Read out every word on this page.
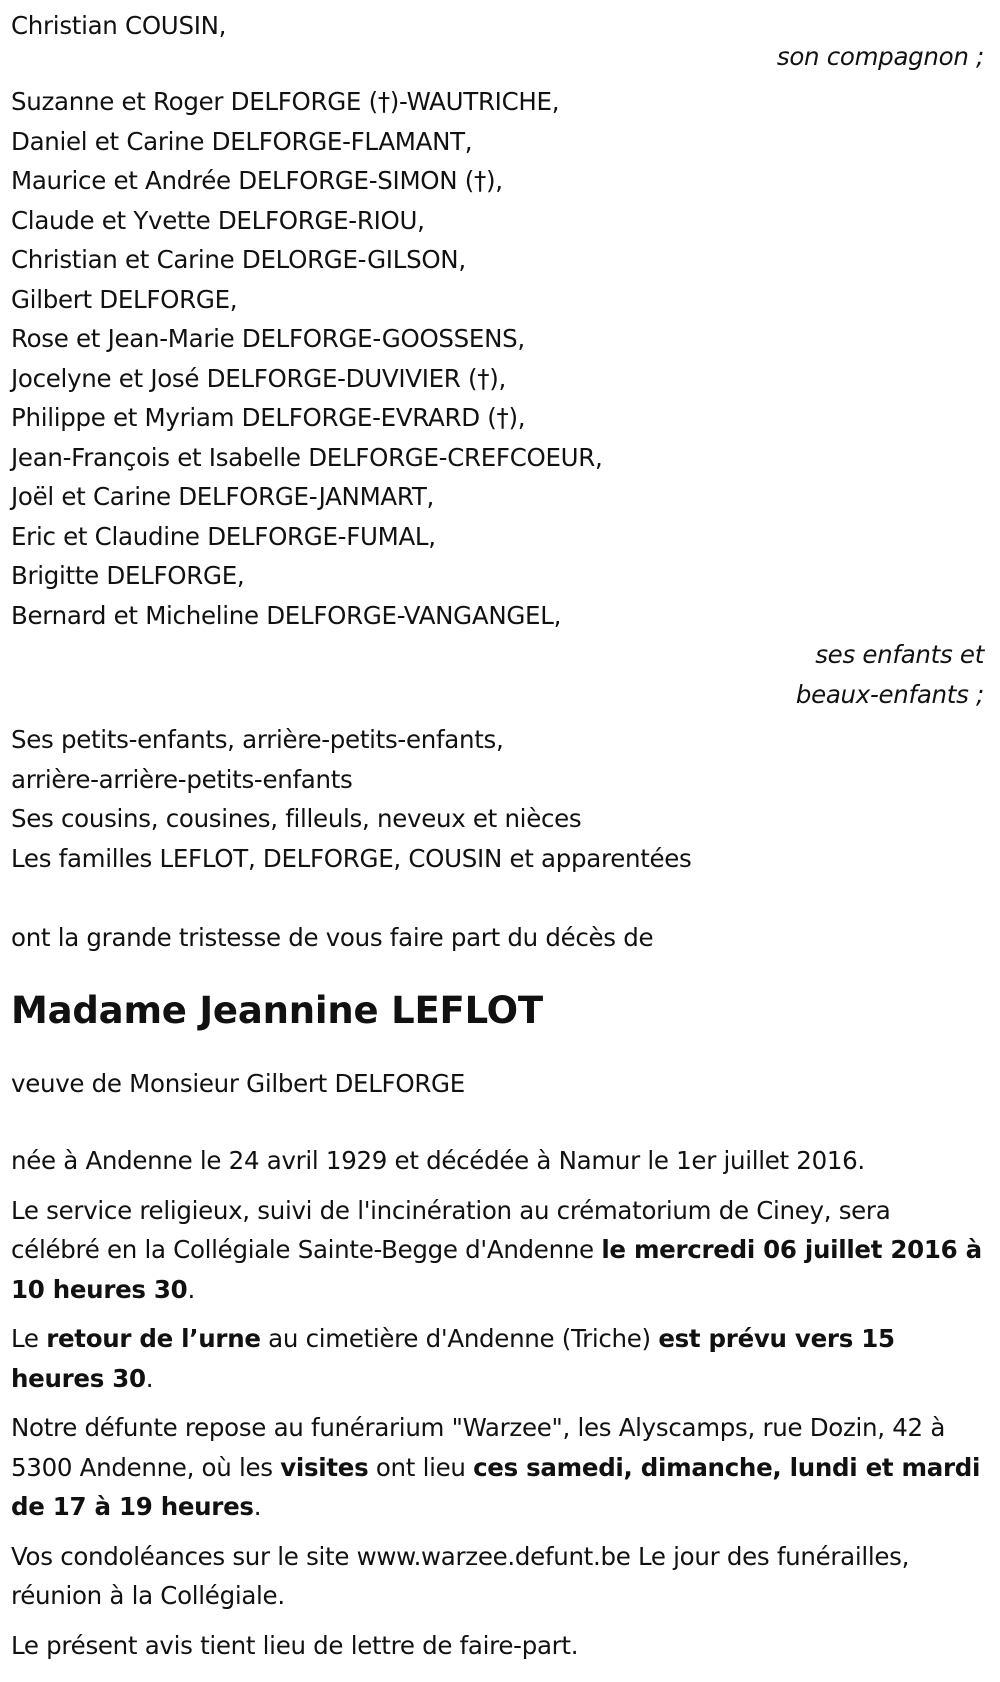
Christian COUSIN,
son compagnon ;
Suzanne et Roger DELFORGE (†)-WAUTRICHE,
Daniel et Carine DELFORGE-FLAMANT,
Maurice et Andrée DELFORGE-SIMON (†),
Claude et Yvette DELFORGE-RIOU,
Christian et Carine DELORGE-GILSON,
Gilbert DELFORGE,
Rose et Jean-Marie DELFORGE-GOOSSENS,
Jocelyne et José DELFORGE-DUVIVIER (†),
Philippe et Myriam DELFORGE-EVRARD (†),
Jean-François et Isabelle DELFORGE-CREFCOEUR,
Joël et Carine DELFORGE-JANMART,
Eric et Claudine DELFORGE-FUMAL,
Brigitte DELFORGE,
Bernard et Micheline DELFORGE-VANGANGEL,
ses enfants et
beaux-enfants ;
Ses petits-enfants, arrière-petits-enfants,
arrière-arrière-petits-enfants
Ses cousins, cousines, filleuls, neveux et nièces
Les familles LEFLOT, DELFORGE, COUSIN et apparentées
ont la grande tristesse de vous faire part du décès de
Madame Jeannine LEFLOT
veuve de Monsieur Gilbert DELFORGE
née à Andenne le 24 avril 1929 et décédée à Namur le 1er juillet 2016.
Le service religieux, suivi de l'incinération au crématorium de Ciney, sera célébré en la Collégiale Sainte-Begge d'Andenne le mercredi 06 juillet 2016 à 10 heures 30.
Le retour de l’urne au cimetière d'Andenne (Triche) est prévu vers 15 heures 30.
Notre défunte repose au funérarium "Warzee", les Alyscamps, rue Dozin, 42 à 5300 Andenne, où les visites ont lieu ces samedi, dimanche, lundi et mardi de 17 à 19 heures.
Vos condoléances sur le site www.warzee.defunt.be Le jour des funérailles, réunion à la Collégiale.
Le présent avis tient lieu de lettre de faire-part.
